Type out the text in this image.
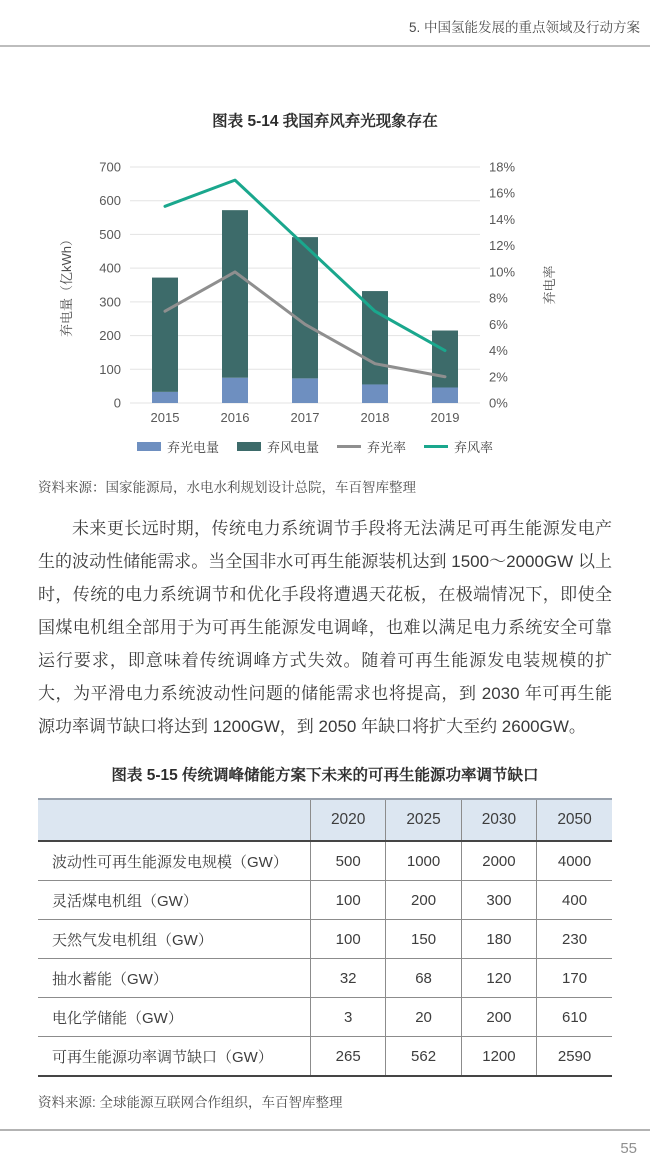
5. 中国氢能发展的重点领域及行动方案
图表 5-14 我国弃风弃光现象存在
0
100
200
300
400
500
600
700
0%
2%
4%
6%
8%
10%
12%
14%
16%
18%
2015	2016	2017	2018	2019
弃电量（亿kWh）	弃电率
弃光电量	弃风电量	弃光率	弃风率
资料来源：国家能源局，水电水利规划设计总院，车百智库整理
未来更长远时期，传统电力系统调节手段将无法满足可再生能源发电产生的波动性储能需求。当全国非水可再生能源装机达到 1500～2000GW 以上时，传统的电力系统调节和优化手段将遭遇天花板，在极端情况下，即使全国煤电机组全部用于为可再生能源发电调峰，也难以满足电力系统安全可靠运行要求，即意味着传统调峰方式失效。随着可再生能源发电装规模的扩大，为平滑电力系统波动性问题的储能需求也将提高，到 2030 年可再生能源功率调节缺口将达到 1200GW，到 2050 年缺口将扩大至约 2600GW。
图表 5-15 传统调峰储能方案下未来的可再生能源功率调节缺口
	2020	2025	2030	2050
波动性可再生能源发电规模（GW）	500	1000	2000	4000
灵活煤电机组（GW）	100	200	300	400
天然气发电机组（GW）	100	150	180	230
抽水蓄能（GW）	32	68	120	170
电化学储能（GW）	3	20	200	610
可再生能源功率调节缺口（GW）	265	562	1200	2590
资料来源: 全球能源互联网合作组织，车百智库整理
55
